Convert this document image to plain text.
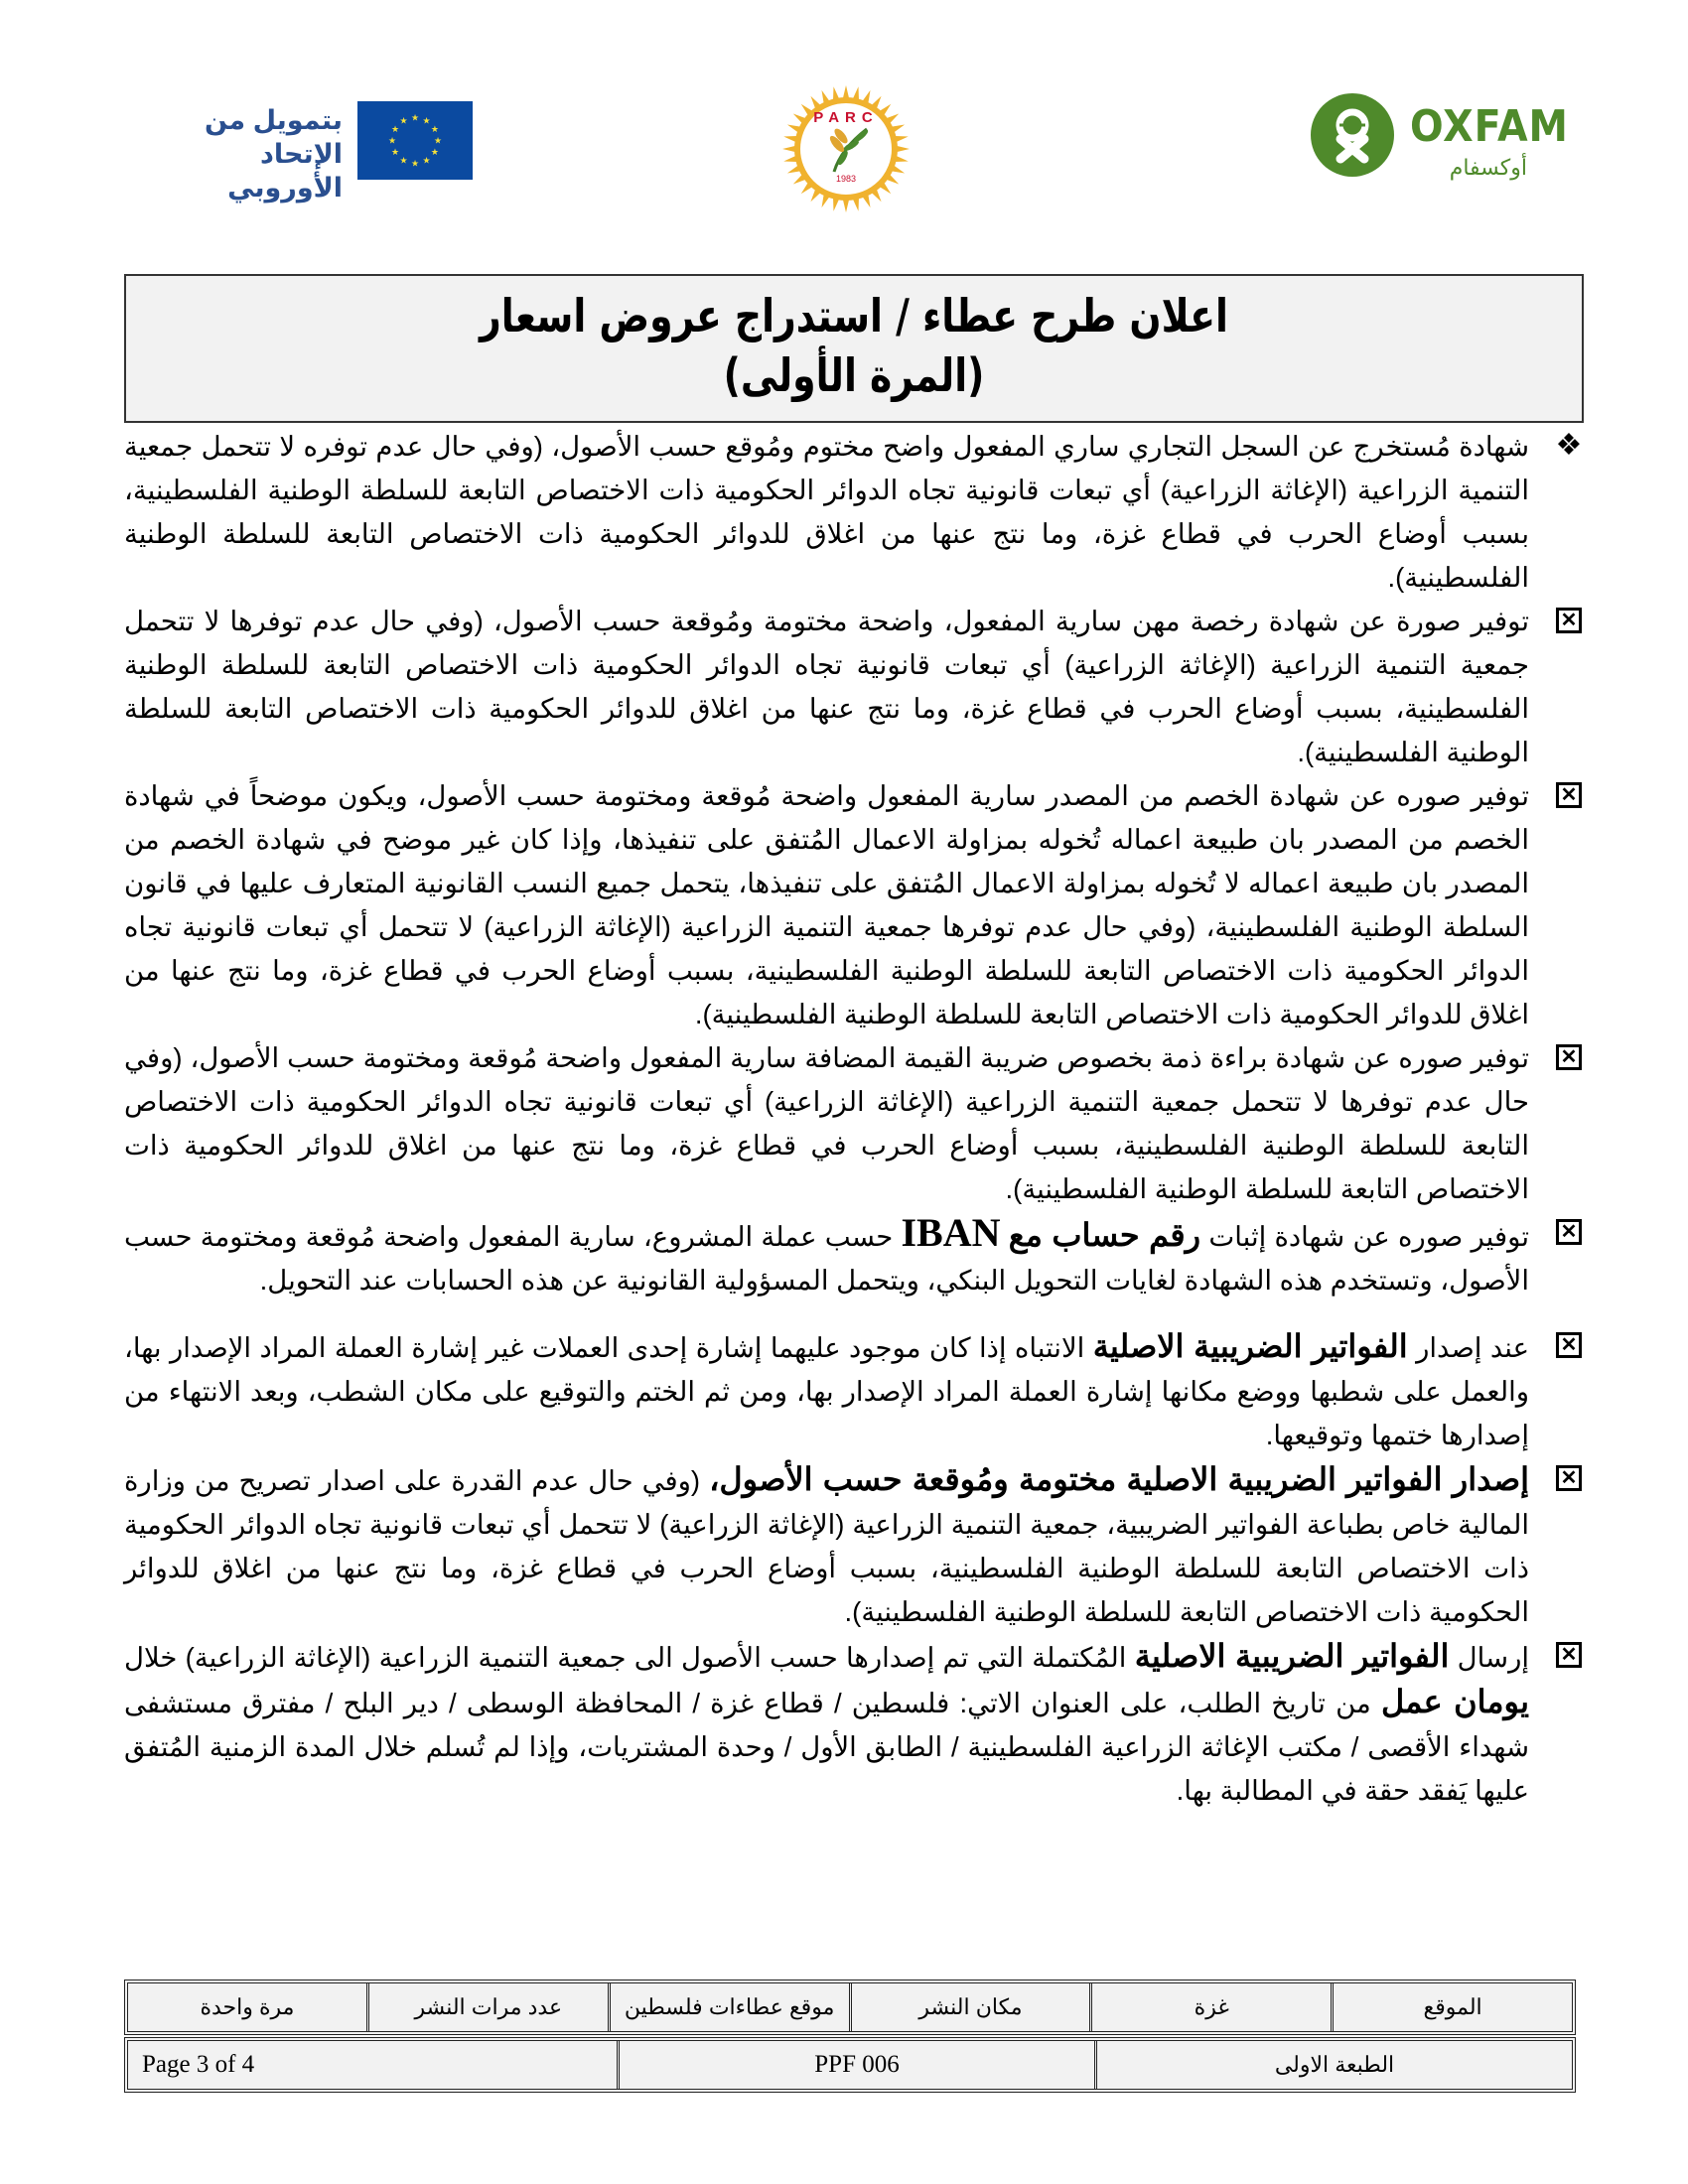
بتمويل من
الإتحاد الأوروبي
★ ★
★
★
★
★
★
★
★
★
★
★	PARC
1983
OXFAM
أوكسفام
اعلان طرح عطاء / استدراج عروض اسعار
(المرة الأولى)
❖
شهادة مُستخرج عن السجل التجاري ساري المفعول واضح مختوم ومُوقع حسب الأصول، (وفي حال عدم توفره لا تتحمل جمعية التنمية الزراعية (الإغاثة الزراعية) أي تبعات قانونية تجاه الدوائر الحكومية ذات الاختصاص التابعة للسلطة الوطنية الفلسطينية، بسبب أوضاع الحرب في قطاع غزة، وما نتج عنها من اغلاق للدوائر الحكومية ذات الاختصاص التابعة للسلطة الوطنية الفلسطينية).
✕
توفير صورة عن شهادة رخصة مهن سارية المفعول، واضحة مختومة ومُوقعة حسب الأصول، (وفي حال عدم توفرها لا تتحمل جمعية التنمية الزراعية (الإغاثة الزراعية) أي تبعات قانونية تجاه الدوائر الحكومية ذات الاختصاص التابعة للسلطة الوطنية الفلسطينية، بسبب أوضاع الحرب في قطاع غزة، وما نتج عنها من اغلاق للدوائر الحكومية ذات الاختصاص التابعة للسلطة الوطنية الفلسطينية).
✕
توفير صوره عن شهادة الخصم من المصدر سارية المفعول واضحة مُوقعة ومختومة حسب الأصول، ويكون موضحاً في شهادة الخصم من المصدر بان طبيعة اعماله تُخوله بمزاولة الاعمال المُتفق على تنفيذها، وإذا كان غير موضح في شهادة الخصم من المصدر بان طبيعة اعماله لا تُخوله بمزاولة الاعمال المُتفق على تنفيذها، يتحمل جميع النسب القانونية المتعارف عليها في قانون السلطة الوطنية الفلسطينية، (وفي حال عدم توفرها جمعية التنمية الزراعية (الإغاثة الزراعية) لا تتحمل أي تبعات قانونية تجاه الدوائر الحكومية ذات الاختصاص التابعة للسلطة الوطنية الفلسطينية، بسبب أوضاع الحرب في قطاع غزة، وما نتج عنها من اغلاق للدوائر الحكومية ذات الاختصاص التابعة للسلطة الوطنية الفلسطينية).
✕
توفير صوره عن شهادة براءة ذمة بخصوص ضريبة القيمة المضافة سارية المفعول واضحة مُوقعة ومختومة حسب الأصول، (وفي حال عدم توفرها لا تتحمل جمعية التنمية الزراعية (الإغاثة الزراعية) أي تبعات قانونية تجاه الدوائر الحكومية ذات الاختصاص التابعة للسلطة الوطنية الفلسطينية، بسبب أوضاع الحرب في قطاع غزة، وما نتج عنها من اغلاق للدوائر الحكومية ذات الاختصاص التابعة للسلطة الوطنية الفلسطينية).
✕
توفير صوره عن شهادة إثبات رقم حساب مع IBAN حسب عملة المشروع، سارية المفعول واضحة مُوقعة ومختومة حسب الأصول، وتستخدم هذه الشهادة لغايات التحويل البنكي، ويتحمل المسؤولية القانونية عن هذه الحسابات عند التحويل.
✕
عند إصدار الفواتير الضريبية الاصلية الانتباه إذا كان موجود عليهما إشارة إحدى العملات غير إشارة العملة المراد الإصدار بها، والعمل على شطبها ووضع مكانها إشارة العملة المراد الإصدار بها، ومن ثم الختم والتوقيع على مكان الشطب، وبعد الانتهاء من إصدارها ختمها وتوقيعها.
✕
إصدار الفواتير الضريبية الاصلية مختومة ومُوقعة حسب الأصول، (وفي حال عدم القدرة على اصدار تصريح من وزارة المالية خاص بطباعة الفواتير الضريبية، جمعية التنمية الزراعية (الإغاثة الزراعية) لا تتحمل أي تبعات قانونية تجاه الدوائر الحكومية ذات الاختصاص التابعة للسلطة الوطنية الفلسطينية، بسبب أوضاع الحرب في قطاع غزة، وما نتج عنها من اغلاق للدوائر الحكومية ذات الاختصاص التابعة للسلطة الوطنية الفلسطينية).
✕
إرسال الفواتير الضريبية الاصلية المُكتملة التي تم إصدارها حسب الأصول الى جمعية التنمية الزراعية (الإغاثة الزراعية) خلال يومان عمل من تاريخ الطلب، على العنوان الاتي: فلسطين / قطاع غزة / المحافظة الوسطى / دير البلح / مفترق مستشفى شهداء الأقصى / مكتب الإغاثة الزراعية الفلسطينية / الطابق الأول / وحدة المشتريات، وإذا لم تُسلم خلال المدة الزمنية المُتفق عليها يَفقد حقة في المطالبة بها.
الموقع
غزة
مكان النشر
موقع عطاءات فلسطين
عدد مرات النشر
مرة واحدة
الطبعة الاولى
PPF 006
Page 3 of 4
